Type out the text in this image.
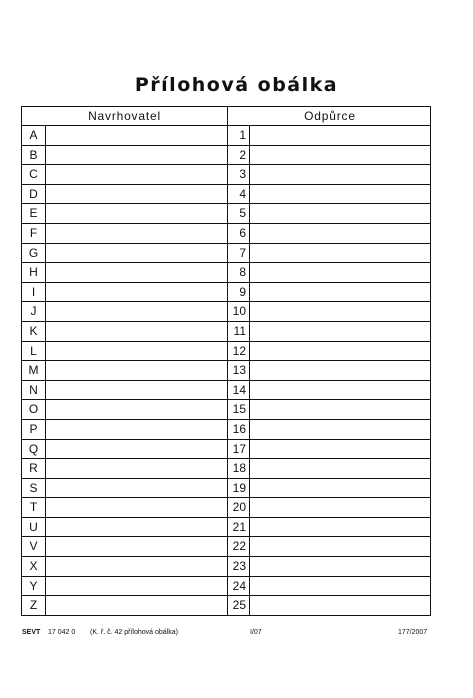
Přílohová obálka
Navrhovatel	Odpůrce
A	1
B	2
C	3
D	4
E	5
F	6
G	7
H	8
I	9
J	10
K	11
L	12
M	13
N	14
O	15
P	16
Q	17
R	18
S	19
T	20
U	21
V	22
X	23
Y	24
Z	25
SEVT 17 042 0 (K. ř. č. 42 přílohová obálka)	I/07	177/2007
